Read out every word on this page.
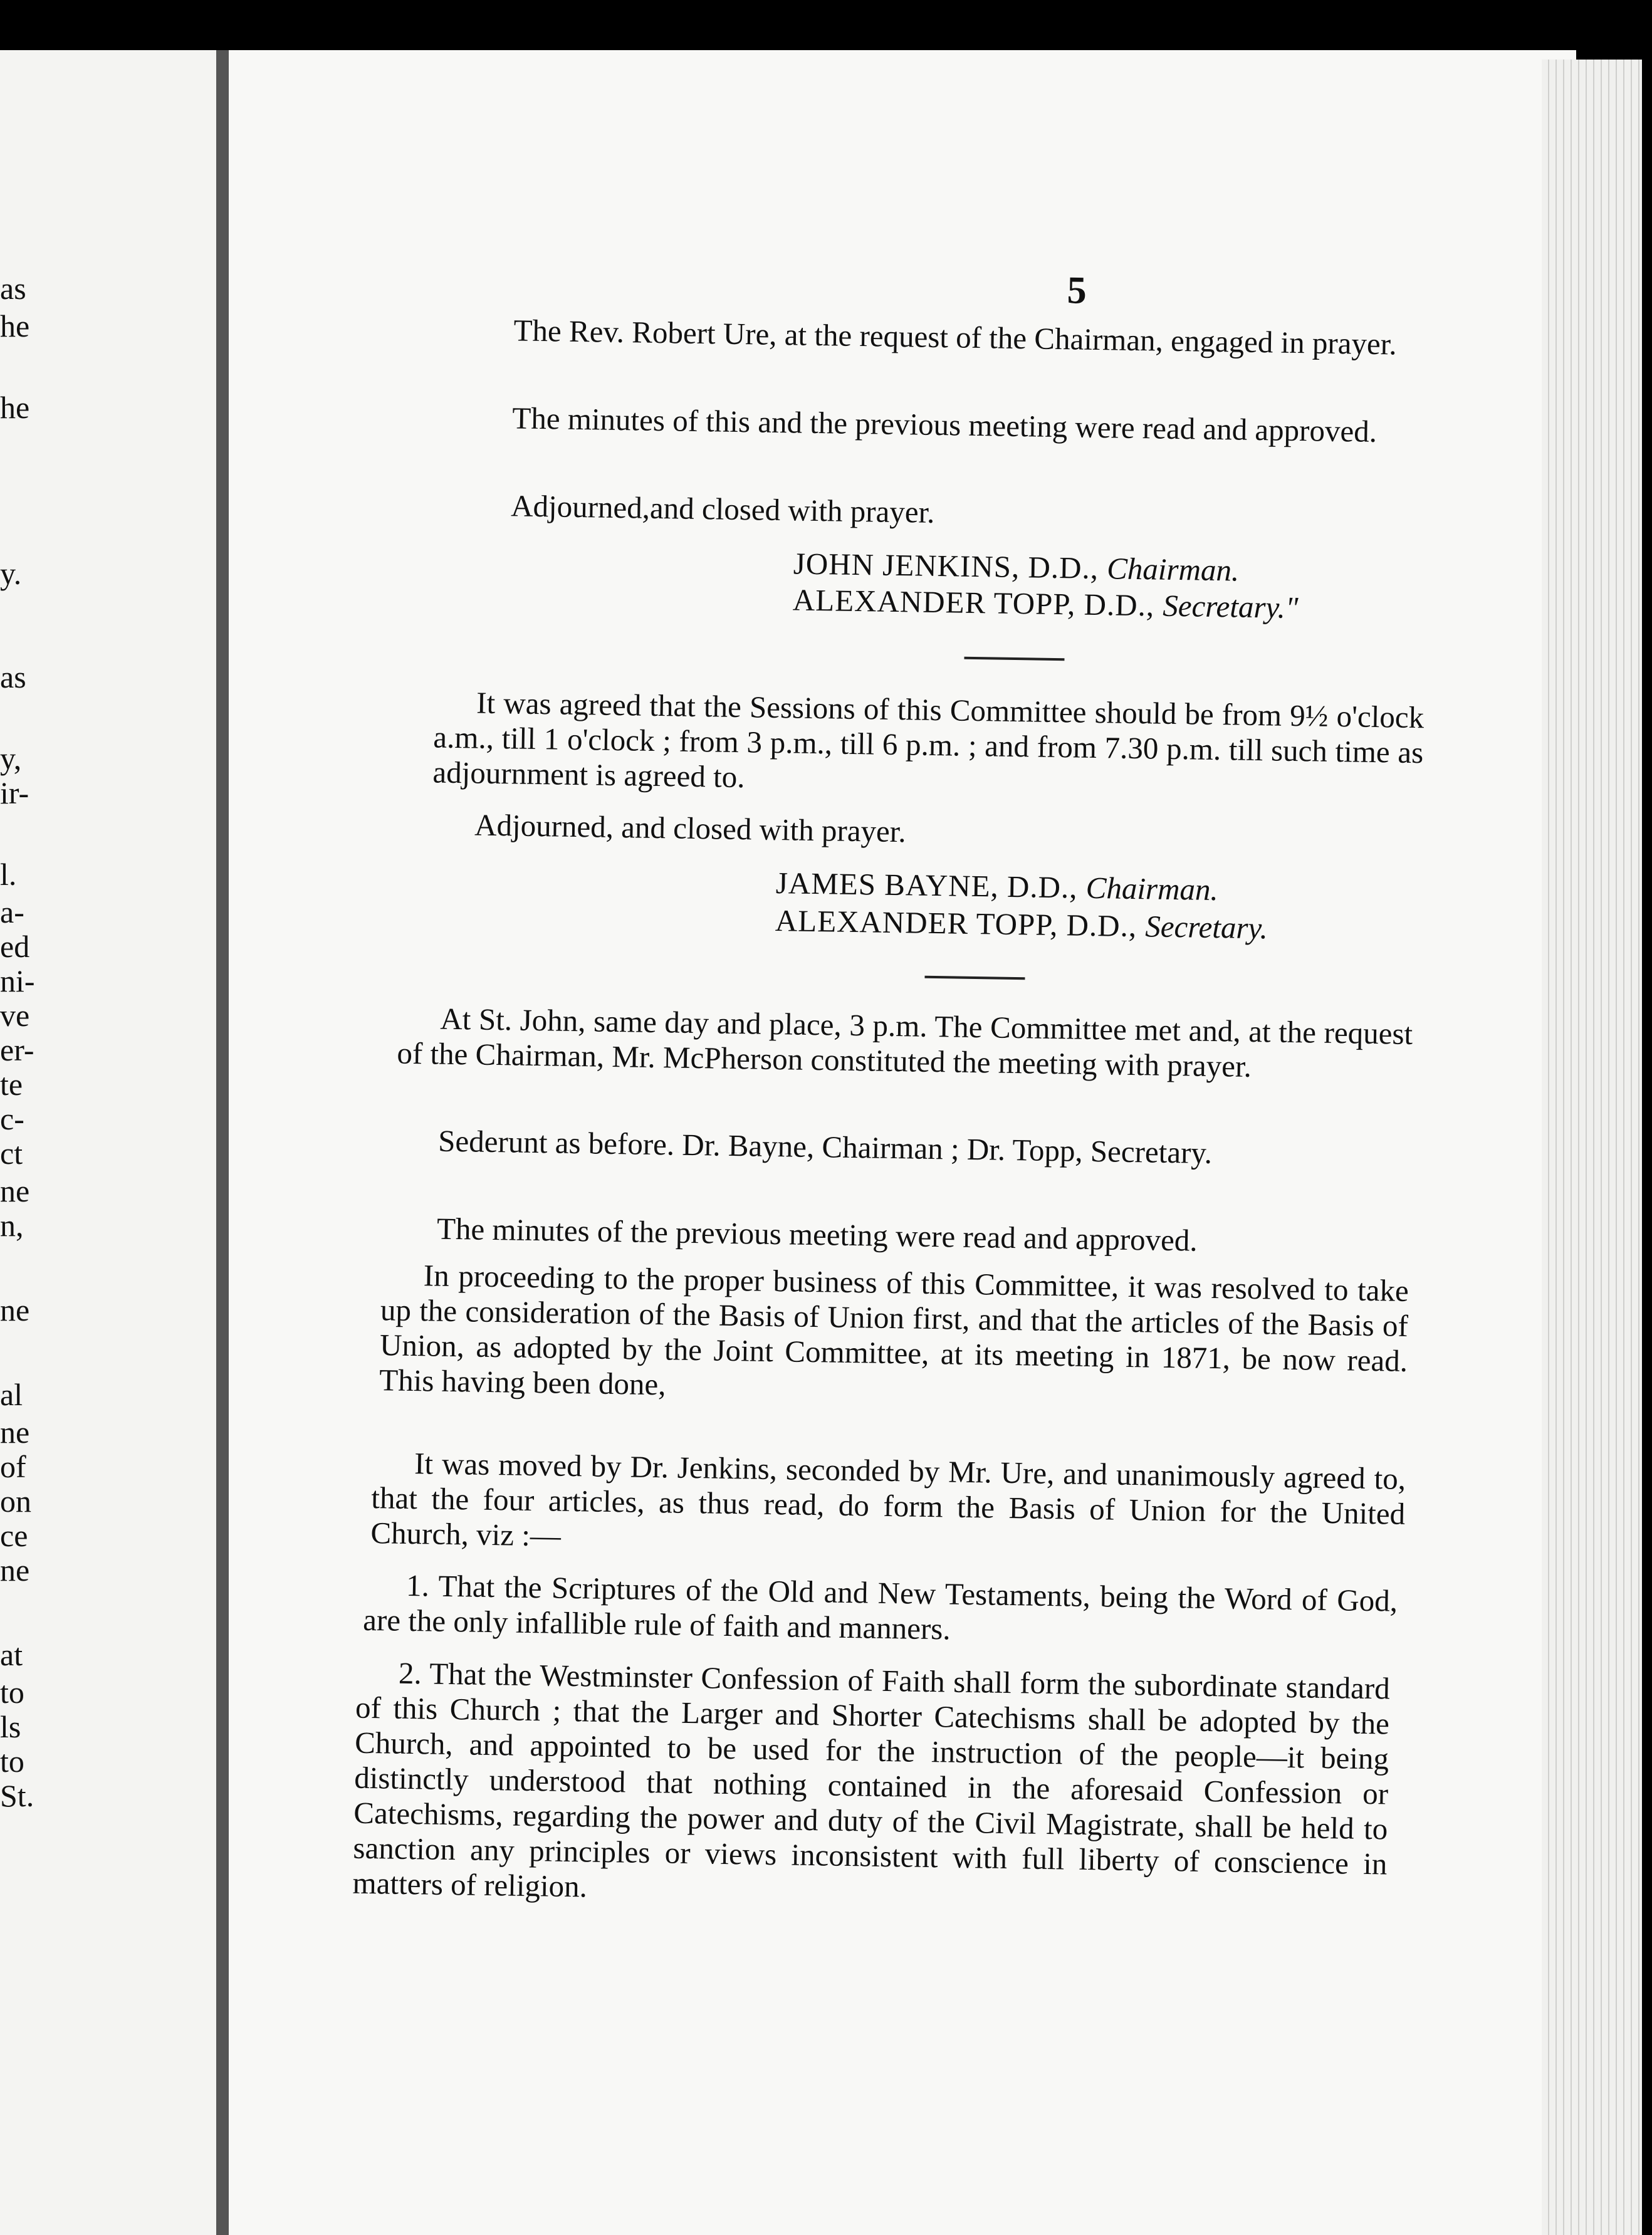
as
he
he
y.
as
y,
ir-
l.
a-
ed
ni-
ve
er-
te
c-
ct
ne
n,
ne
al
ne
of
on
ce
ne
at
to
ls
to
St.
5

The Rev. Robert Ure, at the request of the Chairman, engaged in prayer.

The minutes of this and the previous meeting were read and approved.

Adjourned,and closed with prayer.

JOHN JENKINS, D.D., Chairman.
ALEXANDER TOPP, D.D., Secretary."

It was agreed that the Sessions of this Committee should be from 9½ o'clock a.m., till 1 o'clock ; from 3 p.m., till 6 p.m. ; and from 7.30 p.m. till such time as adjournment is agreed to.

Adjourned, and closed with prayer.

JAMES BAYNE, D.D., Chairman.
ALEXANDER TOPP, D.D., Secretary.

At St. John, same day and place, 3 p.m. The Committee met and, at the request of the Chairman, Mr. McPherson constituted the meeting with prayer.

Sederunt as before. Dr. Bayne, Chairman ; Dr. Topp, Secretary.

The minutes of the previous meeting were read and approved.

In proceeding to the proper business of this Committee, it was resolved to take up the consideration of the Basis of Union first, and that the articles of the Basis of Union, as adopted by the Joint Committee, at its meeting in 1871, be now read. This having been done,

It was moved by Dr. Jenkins, seconded by Mr. Ure, and unanimously agreed to, that the four articles, as thus read, do form the Basis of Union for the United Church, viz :—

1. That the Scriptures of the Old and New Testaments, being the Word of God, are the only infallible rule of faith and manners.

2. That the Westminster Confession of Faith shall form the subordinate standard of this Church ; that the Larger and Shorter Catechisms shall be adopted by the Church, and appointed to be used for the instruction of the people—it being distinctly understood that nothing contained in the aforesaid Confession or Catechisms, regarding the power and duty of the Civil Magistrate, shall be held to sanction any principles or views inconsistent with full liberty of conscience in matters of religion.
